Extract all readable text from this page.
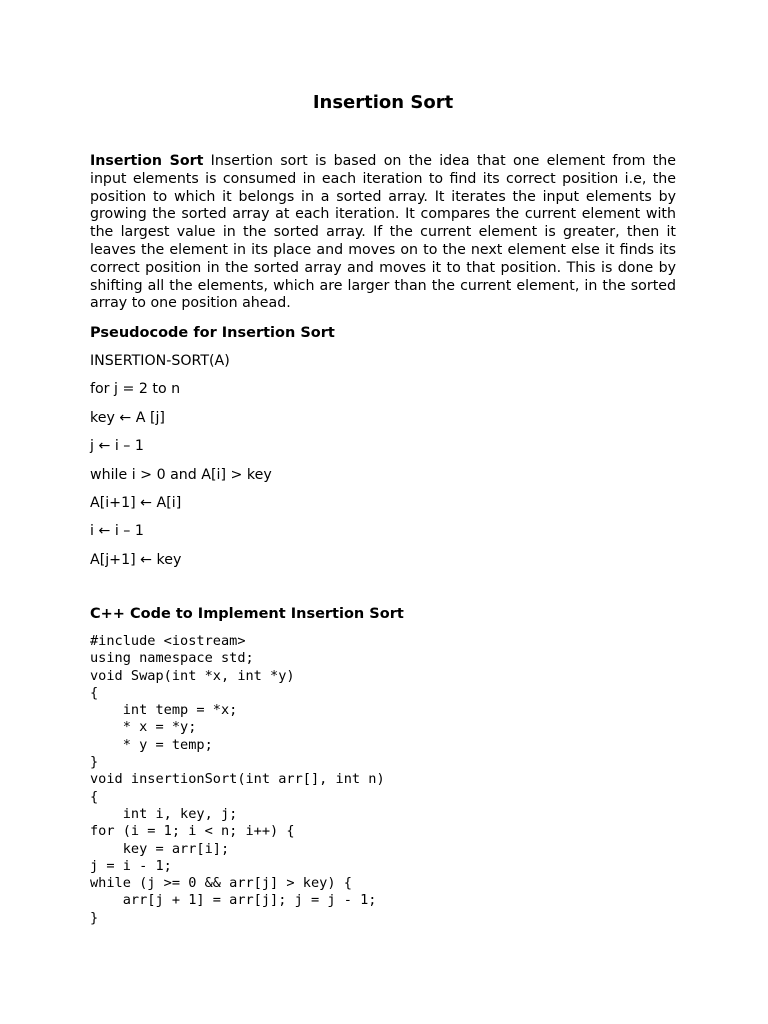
Insertion Sort

Insertion Sort Insertion sort is based on the idea that one element from the input elements is consumed in each iteration to find its correct position i.e, the position to which it belongs in a sorted array. It iterates the input elements by growing the sorted array at each iteration. It compares the current element with the largest value in the sorted array. If the current element is greater, then it leaves the element in its place and moves on to the next element else it finds its correct position in the sorted array and moves it to that position. This is done by shifting all the elements, which are larger than the current element, in the sorted array to one position ahead.

Pseudocode for Insertion Sort
INSERTION-SORT(A)
for j = 2 to n
key ← A [j]
j ← i – 1
while i > 0 and A[i] > key
A[i+1] ← A[i]
i ← i – 1
A[j+1] ← key
C++ Code to Implement Insertion Sort
#include <iostream>
using namespace std;
void Swap(int *x, int *y)
{
int temp = *x;
* x = *y;
* y = temp;
}
void insertionSort(int arr[], int n)
{
int i, key, j;
for (i = 1; i < n; i++) {
key = arr[i];
j = i - 1;
while (j >= 0 && arr[j] > key) {
arr[j + 1] = arr[j]; j = j - 1;
}
